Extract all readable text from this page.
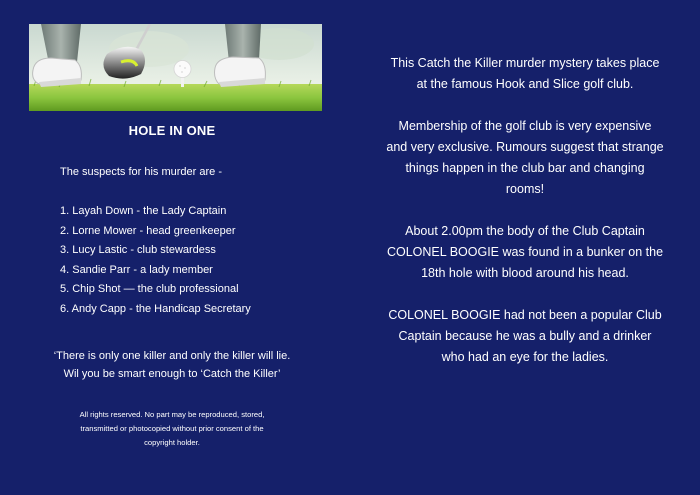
HOLE IN ONE
The suspects for his murder are -
1. Layah Down - the Lady Captain
2. Lorne Mower - head greenkeeper
3. Lucy Lastic - club stewardess
4. Sandie Parr - a lady member
5. Chip Shot — the club professional
6. Andy Capp - the Handicap Secretary
‘There is only one killer and only the killer will lie.
Wil you be smart enough to ‘Catch the Killer’
All rights reserved. No part may be reproduced, stored,
transmitted or photocopied without prior consent of the
copyright holder.

This Catch the Killer murder mystery takes place
at the famous Hook and Slice golf club.

Membership of the golf club is very expensive
and very exclusive. Rumours suggest that strange
things happen in the club bar and changing
rooms!

About 2.00pm the body of the Club Captain
COLONEL BOOGIE was found in a bunker on the
18th hole with blood around his head.

COLONEL BOOGIE had not been a popular Club
Captain because he was a bully and a drinker
who had an eye for the ladies.
